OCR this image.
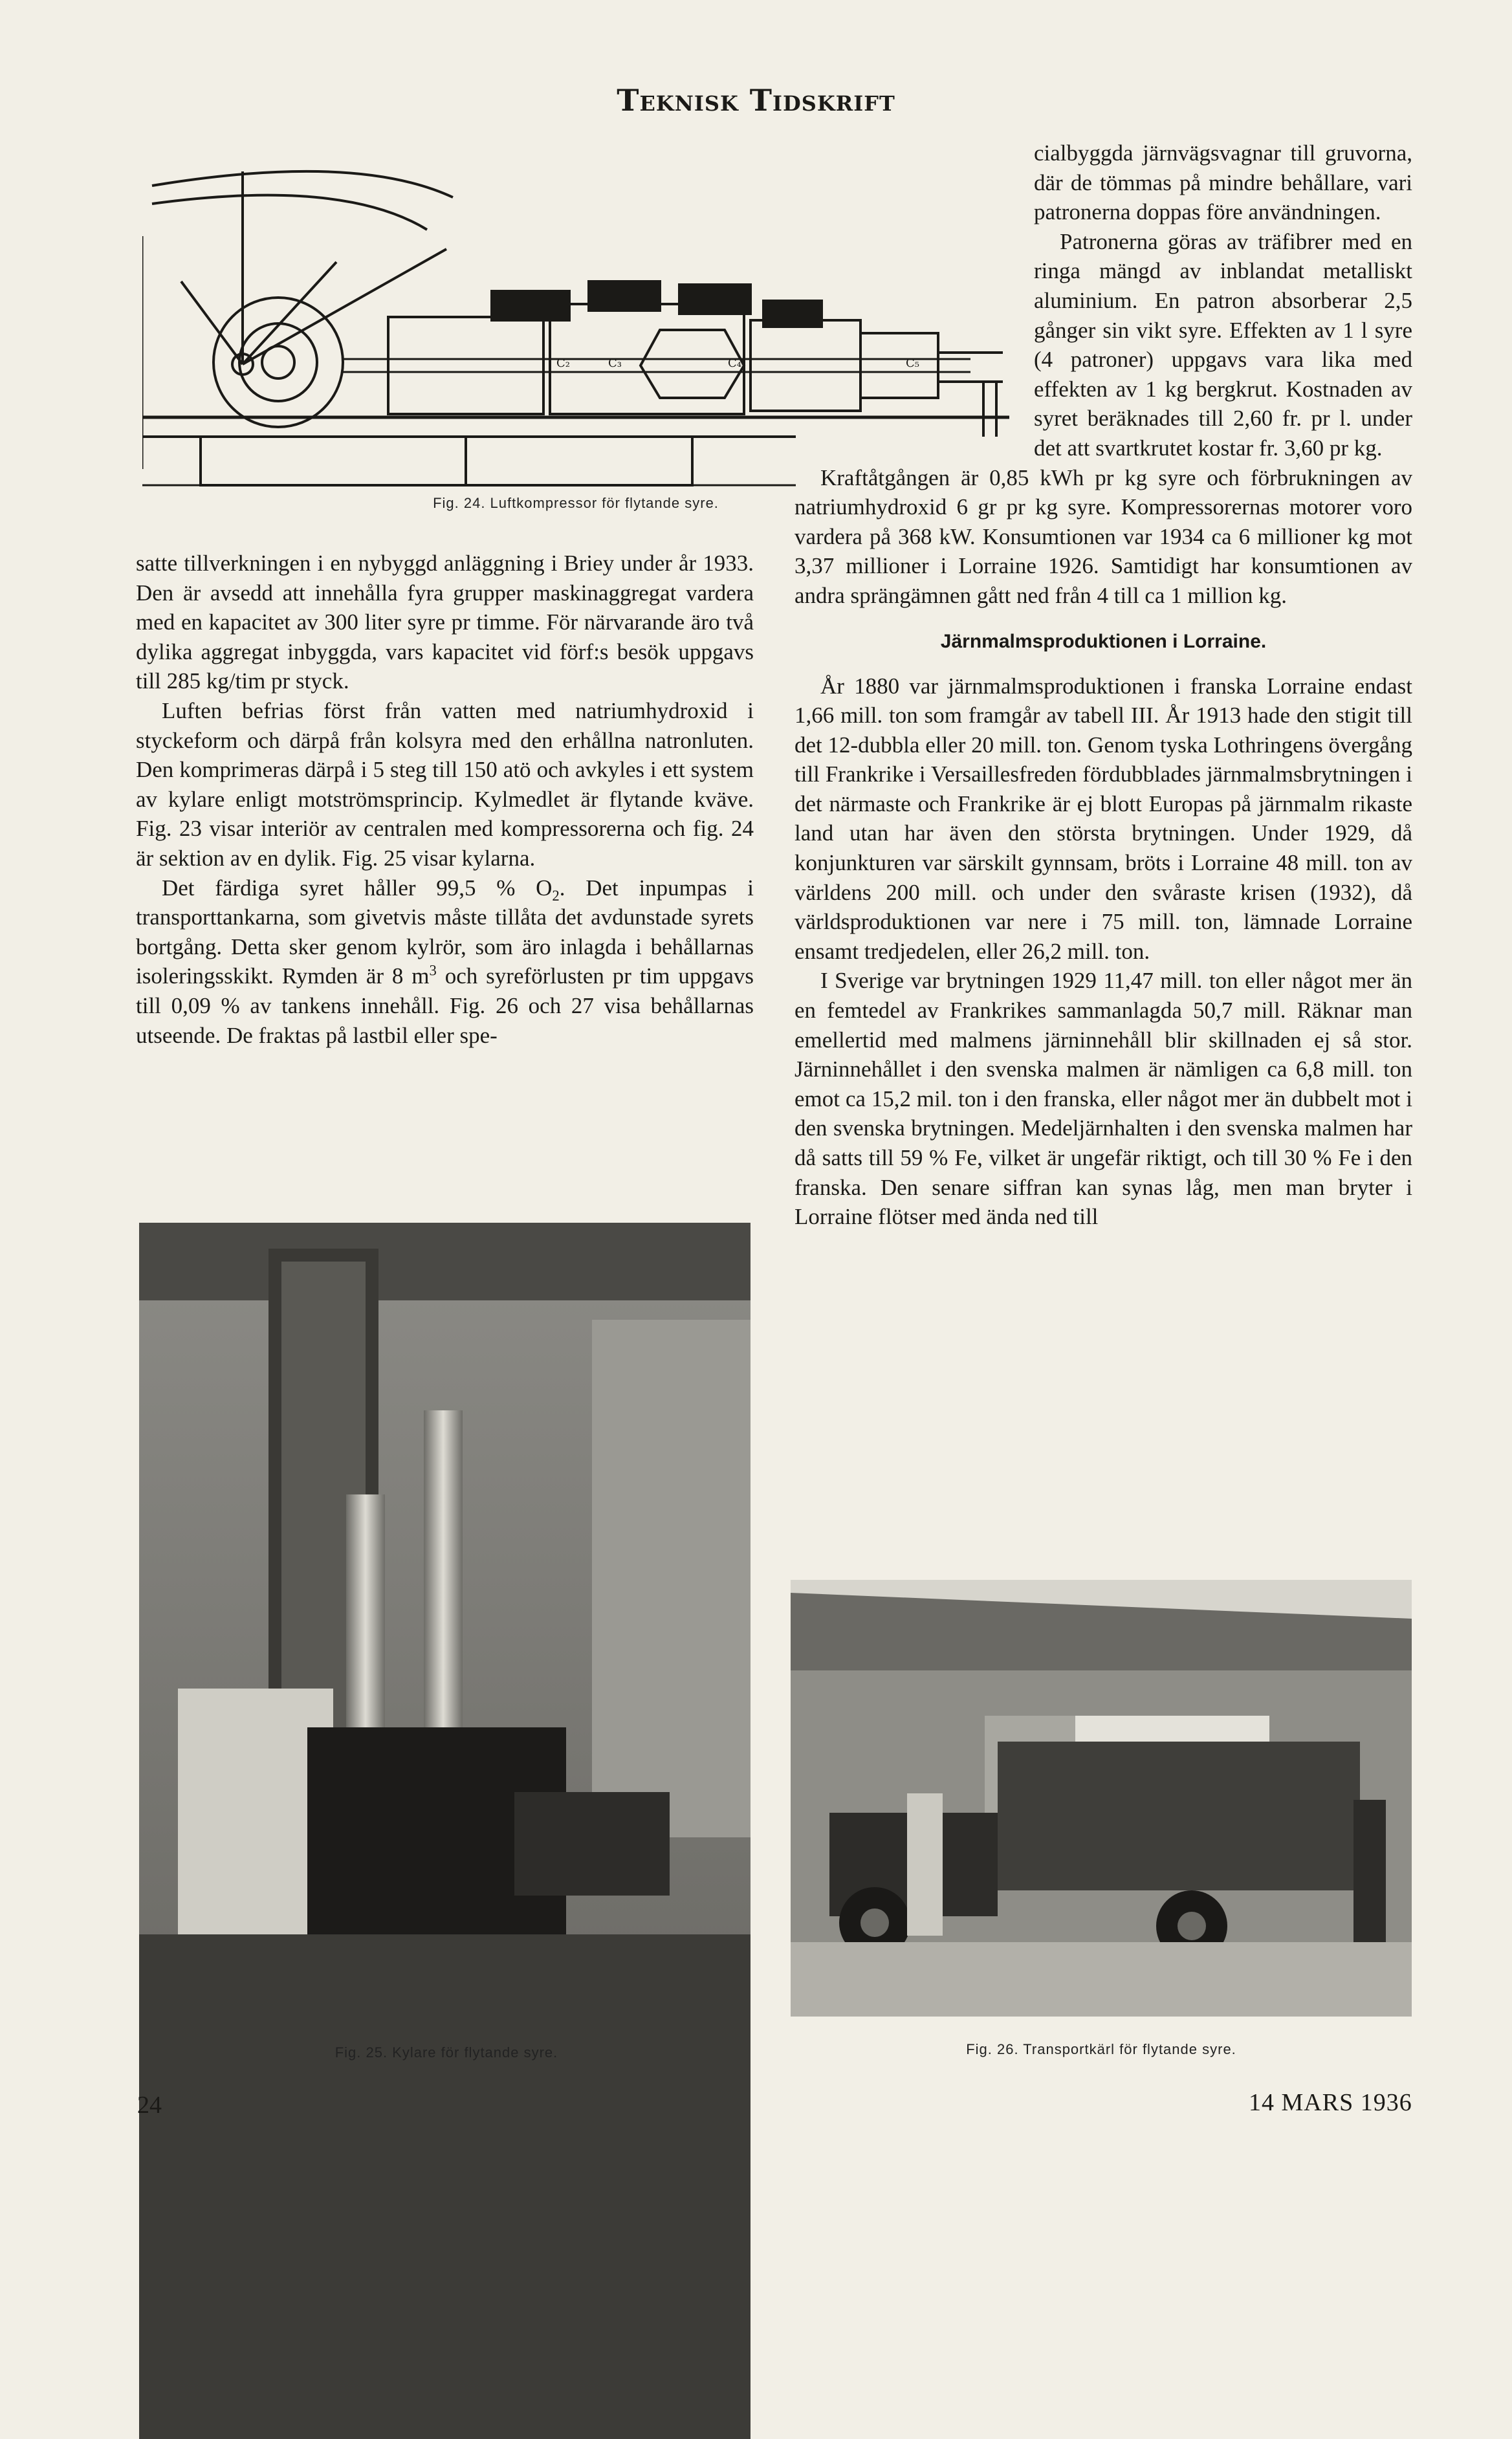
Teknisk Tidskrift
C₂	C₃	C₄	C₅
Fig. 24. Luftkompressor för flytande syre.

satte tillverkningen i en nybyggd anläggning i Briey under år 1933. Den är avsedd att innehålla fyra grupper maskinaggregat vardera med en kapacitet av 300 liter syre pr timme. För närvarande äro två dylika aggregat inbyggda, vars kapacitet vid förf:s besök uppgavs till 285 kg/tim pr styck.

Luften befrias först från vatten med natriumhydroxid i styckeform och därpå från kolsyra med den erhållna natronluten. Den komprimeras därpå i 5 steg till 150 atö och avkyles i ett system av kylare enligt motströmsprincip. Kylmedlet är flytande kväve. Fig. 23 visar interiör av centralen med kompressorerna och fig. 24 är sektion av en dylik. Fig. 25 visar kylarna.

Det färdiga syret håller 99,5 % $O_2$. Det inpumpas i transporttankarna, som givetvis måste tillåta det avdunstade syrets bortgång. Detta sker genom kylrör, som äro inlagda i behållarnas isoleringsskikt. Rymden är 8 $m^3$ och syreförlusten pr tim uppgavs till 0,09 % av tankens innehåll. Fig. 26 och 27 visa behållarnas utseende. De fraktas på lastbil eller spe-

cialbyggda järnvägsvagnar till gruvorna, där de tömmas på mindre behållare, vari patronerna doppas före användningen.

Patronerna göras av träfibrer med en ringa mängd av inblandat metalliskt aluminium. En patron absorberar 2,5 gånger sin vikt syre. Effekten av 1 l syre (4 patroner) uppgavs vara lika med effekten av 1 kg bergkrut. Kostnaden av syret beräknades till 2,60 fr. pr l. under det att svartkrutet kostar fr. 3,60 pr kg.

Kraftåtgången är 0,85 kWh pr kg syre och förbrukningen av natriumhydroxid 6 gr pr kg syre. Kompressorernas motorer voro vardera på 368 kW. Konsumtionen var 1934 ca 6 millioner kg mot 3,37 millioner i Lorraine 1926. Samtidigt har konsumtionen av andra sprängämnen gått ned från 4 till ca 1 million kg.

Järnmalmsproduktionen i Lorraine.

År 1880 var järnmalmsproduktionen i franska Lorraine endast 1,66 mill. ton som framgår av tabell III. År 1913 hade den stigit till det 12-dubbla eller 20 mill. ton. Genom tyska Lothringens övergång till Frankrike i Versaillesfreden fördubblades järnmalmsbrytningen i det närmaste och Frankrike är ej blott Europas på järnmalm rikaste land utan har även den största brytningen. Under 1929, då konjunkturen var särskilt gynnsam, bröts i Lorraine 48 mill. ton av världens 200 mill. och under den svåraste krisen (1932), då världsproduktionen var nere i 75 mill. ton, lämnade Lorraine ensamt tredjedelen, eller 26,2 mill. ton.

I Sverige var brytningen 1929 11,47 mill. ton eller något mer än en femtedel av Frankrikes sammanlagda 50,7 mill. Räknar man emellertid med malmens järninnehåll blir skillnaden ej så stor. Järninnehållet i den svenska malmen är nämligen ca 6,8 mill. ton emot ca 15,2 mil. ton i den franska, eller något mer än dubbelt mot i den svenska brytningen. Medeljärnhalten i den svenska malmen har då satts till 59 % Fe, vilket är ungefär riktigt, och till 30 % Fe i den franska. Den senare siffran kan synas låg, men man bryter i Lorraine flötser med ända ned till

Fig. 25. Kylare för flytande syre.	Fig. 26. Transportkärl för flytande syre.
24	14 MARS 1936
